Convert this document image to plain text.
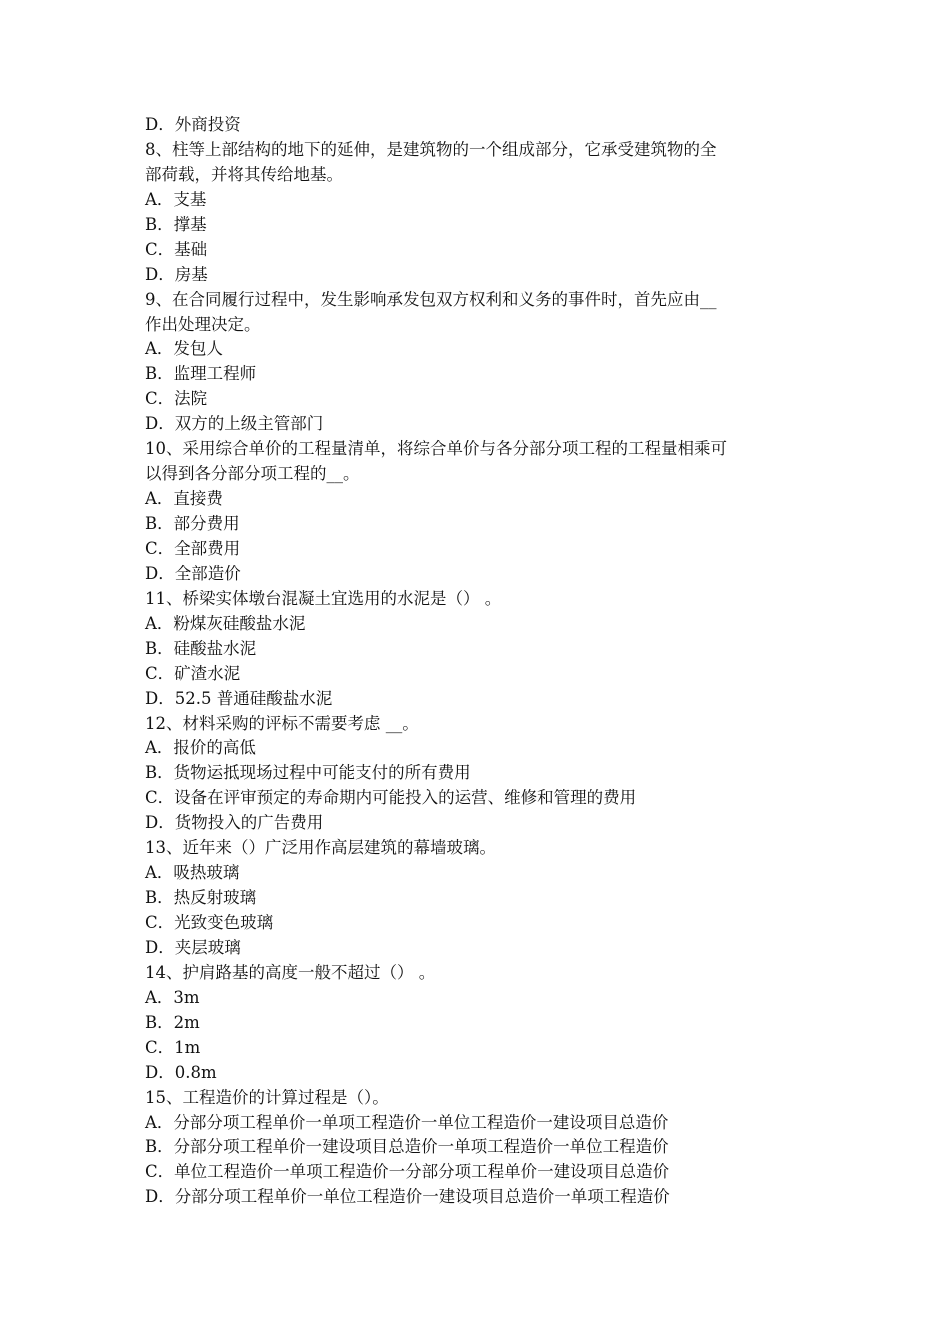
D．外商投资
8、柱等上部结构的地下的延伸，是建筑物的一个组成部分，它承受建筑物的全
部荷载，并将其传给地基。
A．支基
B．撑基
C．基础
D．房基
9、在合同履行过程中，发生影响承发包双方权利和义务的事件时，首先应由__
作出处理决定。
A．发包人
B．监理工程师
C．法院
D．双方的上级主管部门
10、采用综合单价的工程量清单，将综合单价与各分部分项工程的工程量相乘可
以得到各分部分项工程的__。
A．直接费
B．部分费用
C．全部费用
D．全部造价
11、桥梁实体墩台混凝土宜选用的水泥是（） 。
A．粉煤灰硅酸盐水泥
B．硅酸盐水泥
C．矿渣水泥
D．52.5 普通硅酸盐水泥
12、材料采购的评标不需要考虑 __。
A．报价的高低
B．货物运抵现场过程中可能支付的所有费用
C．设备在评审预定的寿命期内可能投入的运营、维修和管理的费用
D．货物投入的广告费用
13、近年来（）广泛用作高层建筑的幕墙玻璃。
A．吸热玻璃
B．热反射玻璃
C．光致变色玻璃
D．夹层玻璃
14、护肩路基的高度一般不超过（） 。
A．3m
B．2m
C．1m
D．0.8m
15、工程造价的计算过程是（）。
A．分部分项工程单价一单项工程造价一单位工程造价一建设项目总造价
B．分部分项工程单价一建设项目总造价一单项工程造价一单位工程造价
C．单位工程造价一单项工程造价一分部分项工程单价一建设项目总造价
D．分部分项工程单价一单位工程造价一建设项目总造价一单项工程造价
